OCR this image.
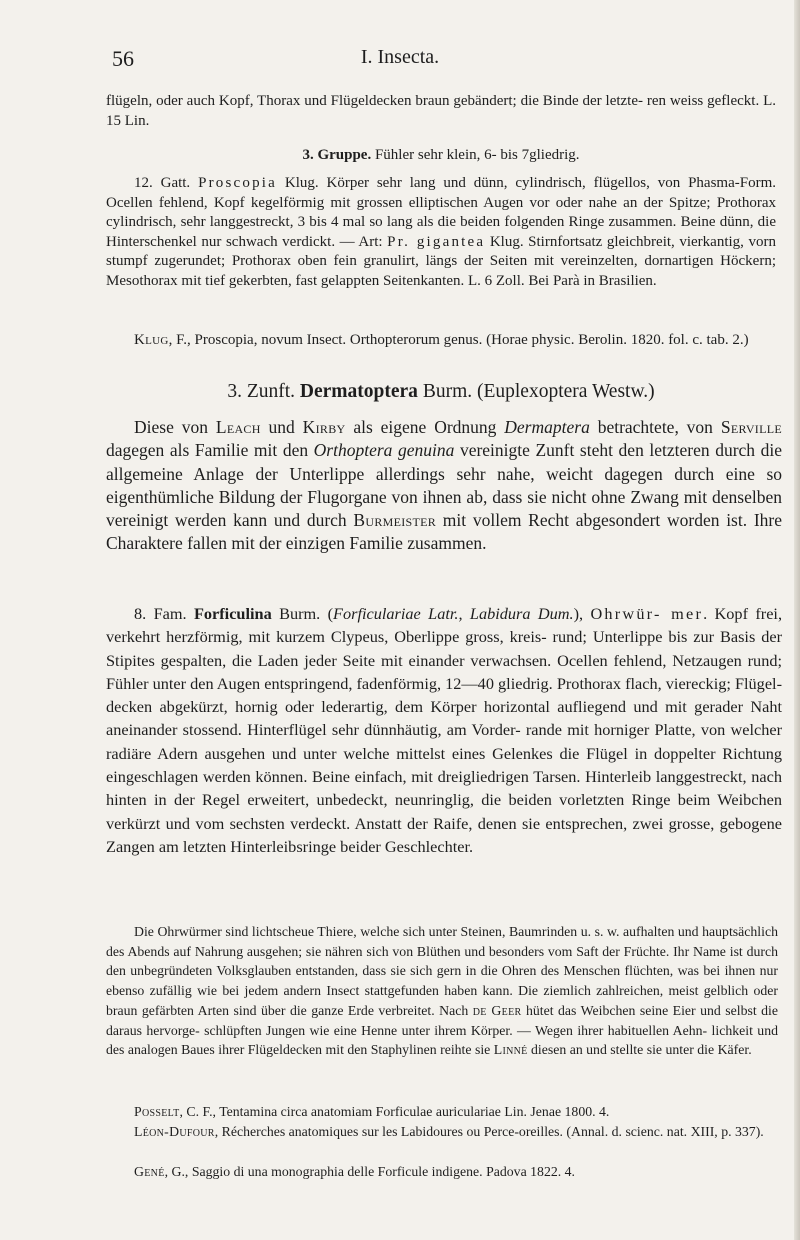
56	I. Insecta.

flügeln, oder auch Kopf, Thorax und Flügeldecken braun gebändert; die Binde der letzte- ren weiss gefleckt. L. 15 Lin.

3. Gruppe. Fühler sehr klein, 6- bis 7gliedrig.

12. Gatt. Proscopia Klug. Körper sehr lang und dünn, cylindrisch, flügellos, von Phasma-Form. Ocellen fehlend, Kopf kegelförmig mit grossen elliptischen Augen vor oder nahe an der Spitze; Prothorax cylindrisch, sehr langgestreckt, 3 bis 4 mal so lang als die beiden folgenden Ringe zusammen. Beine dünn, die Hinterschenkel nur schwach verdickt. — Art: Pr. gigantea Klug. Stirnfortsatz gleichbreit, vierkantig, vorn stumpf zugerundet; Prothorax oben fein granulirt, längs der Seiten mit vereinzelten, dornartigen Höckern; Mesothorax mit tief gekerbten, fast gelappten Seitenkanten. L. 6 Zoll. Bei Parà in Brasilien.

Klug, F., Proscopia, novum Insect. Orthopterorum genus. (Horae physic. Berolin. 1820. fol. c. tab. 2.)

3. Zunft. Dermatoptera Burm. (Euplexoptera Westw.)

Diese von Leach und Kirby als eigene Ordnung Dermaptera betrachtete, von Serville dagegen als Familie mit den Orthoptera genuina vereinigte Zunft steht den letzteren durch die allgemeine Anlage der Unterlippe allerdings sehr nahe, weicht dagegen durch eine so eigenthümliche Bildung der Flugorgane von ihnen ab, dass sie nicht ohne Zwang mit denselben vereinigt werden kann und durch Burmeister mit vollem Recht abgesondert worden ist. Ihre Charaktere fallen mit der einzigen Familie zusammen.

8. Fam. Forficulina Burm. (Forficulariae Latr., Labidura Dum.), Ohrwür- mer. Kopf frei, verkehrt herzförmig, mit kurzem Clypeus, Oberlippe gross, kreis- rund; Unterlippe bis zur Basis der Stipites gespalten, die Laden jeder Seite mit einander verwachsen. Ocellen fehlend, Netzaugen rund; Fühler unter den Augen entspringend, fadenförmig, 12—40 gliedrig. Prothorax flach, viereckig; Flügel- decken abgekürzt, hornig oder lederartig, dem Körper horizontal aufliegend und mit gerader Naht aneinander stossend. Hinterflügel sehr dünnhäutig, am Vorder- rande mit horniger Platte, von welcher radiäre Adern ausgehen und unter welche mittelst eines Gelenkes die Flügel in doppelter Richtung eingeschlagen werden können. Beine einfach, mit dreigliedrigen Tarsen. Hinterleib langgestreckt, nach hinten in der Regel erweitert, unbedeckt, neunringlig, die beiden vorletzten Ringe beim Weibchen verkürzt und vom sechsten verdeckt. Anstatt der Raife, denen sie entsprechen, zwei grosse, gebogene Zangen am letzten Hinterleibsringe beider Geschlechter.

Die Ohrwürmer sind lichtscheue Thiere, welche sich unter Steinen, Baumrinden u. s. w. aufhalten und hauptsächlich des Abends auf Nahrung ausgehen; sie nähren sich von Blüthen und besonders vom Saft der Früchte. Ihr Name ist durch den unbegründeten Volksglauben entstanden, dass sie sich gern in die Ohren des Menschen flüchten, was bei ihnen nur ebenso zufällig wie bei jedem andern Insect stattgefunden haben kann. Die ziemlich zahlreichen, meist gelblich oder braun gefärbten Arten sind über die ganze Erde verbreitet. Nach de Geer hütet das Weibchen seine Eier und selbst die daraus hervorge- schlüpften Jungen wie eine Henne unter ihrem Körper. — Wegen ihrer habituellen Aehn- lichkeit und des analogen Baues ihrer Flügeldecken mit den Staphylinen reihte sie Linné diesen an und stellte sie unter die Käfer.

Posselt, C. F., Tentamina circa anatomiam Forficulae auriculariae Lin. Jenae 1800. 4.

Léon-Dufour, Récherches anatomiques sur les Labidoures ou Perce-oreilles. (Annal. d. scienc. nat. XIII, p. 337).

Gené, G., Saggio di una monographia delle Forficule indigene. Padova 1822. 4.
